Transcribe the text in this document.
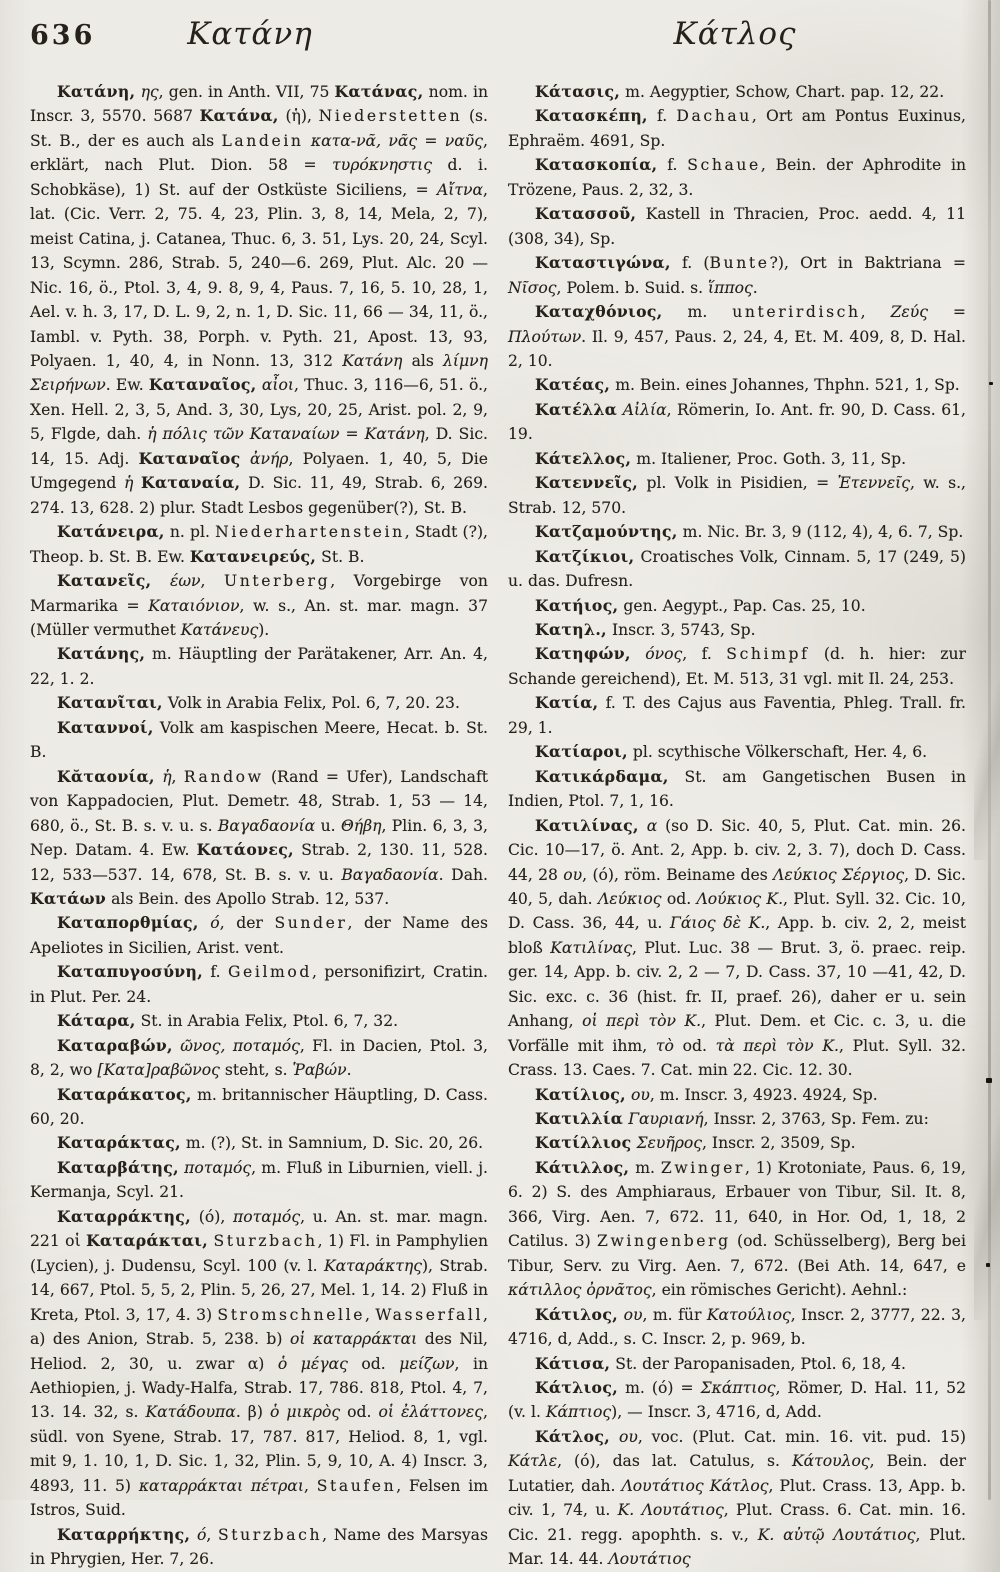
636	Κατάνη	Κάτλος

Κατάνη, ης, gen. in Anth. VII, 75 Κατάνας, nom. in Inscr. 3, 5570. 5687 Κατάνα, (ἡ), Niederstetten (s. St. B., der es auch als Landein κατα-νᾶ, νᾶς = ναῦς, erklärt, nach Plut. Dion. 58 = τυρόκνηστις d. i. Schobkäse), 1) St. auf der Ostküste Siciliens, = Αἴτνα, lat. (Cic. Verr. 2, 75. 4, 23, Plin. 3, 8, 14, Mela, 2, 7), meist Catina, j. Catanea, Thuc. 6, 3. 51, Lys. 20, 24, Scyl. 13, Scymn. 286, Strab. 5, 240—6. 269, Plut. Alc. 20 — Nic. 16, ö., Ptol. 3, 4, 9. 8, 9, 4, Paus. 7, 16, 5. 10, 28, 1, Ael. v. h. 3, 17, D. L. 9, 2, n. 1, D. Sic. 11, 66 — 34, 11, ö., Iambl. v. Pyth. 38, Porph. v. Pyth. 21, Apost. 13, 93, Polyaen. 1, 40, 4, in Nonn. 13, 312 Κατάνη als λίμνη Σειρήνων. Ew. Καταναῖος, αἶοι, Thuc. 3, 116—6, 51. ö., Xen. Hell. 2, 3, 5, And. 3, 30, Lys, 20, 25, Arist. pol. 2, 9, 5, Flgde, dah. ἡ πόλις τῶν Καταναίων = Κατάνη, D. Sic. 14, 15. Adj. Καταναῖος ἀνήρ, Polyaen. 1, 40, 5, Die Umgegend ἡ Καταναία, D. Sic. 11, 49, Strab. 6, 269. 274. 13, 628. 2) plur. Stadt Lesbos gegenüber(?), St. B.

Κατάνειρα, n. pl. Niederhartenstein, Stadt (?), Theop. b. St. B. Ew. Κατανειρεύς, St. B.

Κατανεῖς, έων, Unterberg, Vorgebirge von Marmarika = Καταιόνιον, w. s., An. st. mar. magn. 37 (Müller vermuthet Κατάνευς).

Κατάνης, m. Häuptling der Parätakener, Arr. An. 4, 22, 1. 2.

Κατανῖται, Volk in Arabia Felix, Pol. 6, 7, 20. 23.

Καταννοί, Volk am kaspischen Meere, Hecat. b. St. B.

Κᾰταονία, ἡ, Randow (Rand = Ufer), Landschaft von Kappadocien, Plut. Demetr. 48, Strab. 1, 53 — 14, 680, ö., St. B. s. v. u. s. Βαγαδαονία u. Θήβη, Plin. 6, 3, 3, Nep. Datam. 4. Ew. Κατάονες, Strab. 2, 130. 11, 528. 12, 533—537. 14, 678, St. B. s. v. u. Βαγαδαονία. Dah. Κατάων als Bein. des Apollo Strab. 12, 537.

Καταπορθμίας, ό, der Sunder, der Name des Apeliotes in Sicilien, Arist. vent.

Καταπυγοσύνη, f. Geilmod, personifizirt, Cratin. in Plut. Per. 24.

Κάταρα, St. in Arabia Felix, Ptol. 6, 7, 32.

Καταραβών, ῶνος, ποταμός, Fl. in Dacien, Ptol. 3, 8, 2, wo [Κατα]ραβῶνος steht, s. Ῥαβών.

Καταράκατος, m. britannischer Häuptling, D. Cass. 60, 20.

Καταράκτας, m. (?), St. in Samnium, D. Sic. 20, 26.

Καταρβάτης, ποταμός, m. Fluß in Liburnien, viell. j. Kermanja, Scyl. 21.

Καταρράκτης, (ό), ποταμός, u. An. st. mar. magn. 221 οἱ Καταράκται, Sturzbach, 1) Fl. in Pamphylien (Lycien), j. Dudensu, Scyl. 100 (v. l. Καταράκτης), Strab. 14, 667, Ptol. 5, 5, 2, Plin. 5, 26, 27, Mel. 1, 14. 2) Fluß in Kreta, Ptol. 3, 17, 4. 3) Stromschnelle, Wasserfall, a) des Anion, Strab. 5, 238. b) οἱ καταρράκται des Nil, Heliod. 2, 30, u. zwar α) ὁ μέγας od. μείζων, in Aethiopien, j. Wady-Halfa, Strab. 17, 786. 818, Ptol. 4, 7, 13. 14. 32, s. Κατάδουπα. β) ὁ μικρὸς od. οἱ ἐλάττονες, südl. von Syene, Strab. 17, 787. 817, Heliod. 8, 1, vgl. mit 9, 1. 10, 1, D. Sic. 1, 32, Plin. 5, 9, 10, A. 4) Inscr. 3, 4893, 11. 5) καταρράκται πέτραι, Staufen, Felsen im Istros, Suid.

Καταρρήκτης, ό, Sturzbach, Name des Marsyas in Phrygien, Her. 7, 26.

Κάτασις, m. Aegyptier, Schow, Chart. pap. 12, 22.

Κατασκέπη, f. Dachau, Ort am Pontus Euxinus, Ephraëm. 4691, Sp.

Κατασκοπία, f. Schaue, Bein. der Aphrodite in Trözene, Paus. 2, 32, 3.

Κατασσοῦ, Kastell in Thracien, Proc. aedd. 4, 11 (308, 34), Sp.

Καταστιγώνα, f. (Bunte?), Ort in Baktriana = Νῖσος, Polem. b. Suid. s. ἵππος.

Καταχθόνιος, m. unterirdisch, Ζεύς = Πλούτων. Il. 9, 457, Paus. 2, 24, 4, Et. M. 409, 8, D. Hal. 2, 10.

Κατέας, m. Bein. eines Johannes, Thphn. 521, 1, Sp.

Κατέλλα Αἰλία, Römerin, Io. Ant. fr. 90, D. Cass. 61, 19.

Κάτελλος, m. Italiener, Proc. Goth. 3, 11, Sp.

Κατεννεῖς, pl. Volk in Pisidien, = Ἐτεννεῖς, w. s., Strab. 12, 570.

Κατζαμούντης, m. Nic. Br. 3, 9 (112, 4), 4, 6. 7, Sp.

Κατζίκιοι, Croatisches Volk, Cinnam. 5, 17 (249, 5) u. das. Dufresn.

Κατήιος, gen. Aegypt., Pap. Cas. 25, 10.

Κατηλ., Inscr. 3, 5743, Sp.

Κατηφών, όνος, f. Schimpf (d. h. hier: zur Schande gereichend), Et. M. 513, 31 vgl. mit Il. 24, 253.

Κατία, f. T. des Cajus aus Faventia, Phleg. Trall. fr. 29, 1.

Κατίαροι, pl. scythische Völkerschaft, Her. 4, 6.

Κατικάρδαμα, St. am Gangetischen Busen in Indien, Ptol. 7, 1, 16.

Κατιλίνας, α (so D. Sic. 40, 5, Plut. Cat. min. 26. Cic. 10—17, ö. Ant. 2, App. b. civ. 2, 3. 7), doch D. Cass. 44, 28 ου, (ό), röm. Beiname des Λεύκιος Σέργιος, D. Sic. 40, 5, dah. Λεύκιος od. Λούκιος Κ., Plut. Syll. 32. Cic. 10, D. Cass. 36, 44, u. Γάιος δὲ Κ., App. b. civ. 2, 2, meist bloß Κατιλίνας, Plut. Luc. 38 — Brut. 3, ö. praec. reip. ger. 14, App. b. civ. 2, 2 — 7, D. Cass. 37, 10 —41, 42, D. Sic. exc. c. 36 (hist. fr. II, praef. 26), daher er u. sein Anhang, οἱ περὶ τὸν Κ., Plut. Dem. et Cic. c. 3, u. die Vorfälle mit ihm, τὸ od. τὰ περὶ τὸν Κ., Plut. Syll. 32. Crass. 13. Caes. 7. Cat. min 22. Cic. 12. 30.

Κατίλιος, ου, m. Inscr. 3, 4923. 4924, Sp.

Κατιλλία Γαυριανή, Inssr. 2, 3763, Sp. Fem. zu:

Κατίλλιος Σευῆρος, Inscr. 2, 3509, Sp.

Κάτιλλος, m. Zwinger, 1) Krotoniate, Paus. 6, 19, 6. 2) S. des Amphiaraus, Erbauer von Tibur, Sil. It. 8, 366, Virg. Aen. 7, 672. 11, 640, in Hor. Od, 1, 18, 2 Catilus. 3) Zwingenberg (od. Schüsselberg), Berg bei Tibur, Serv. zu Virg. Aen. 7, 672. (Bei Ath. 14, 647, e κάτιλλος ὀρνᾶτος, ein römisches Gericht). Aehnl.:

Κάτιλος, ου, m. für Κατούλιος, Inscr. 2, 3777, 22. 3, 4716, d, Add., s. C. Inscr. 2, p. 969, b.

Κάτισα, St. der Paropanisaden, Ptol. 6, 18, 4.

Κάτλιος, m. (ό) = Σκάπτιος, Römer, D. Hal. 11, 52 (v. l. Κάπτιος), — Inscr. 3, 4716, d, Add.

Κάτλος, ου, voc. (Plut. Cat. min. 16. vit. pud. 15) Κάτλε, (ό), das lat. Catulus, s. Κάτουλος, Bein. der Lutatier, dah. Λουτάτιος Κάτλος, Plut. Crass. 13, App. b. civ. 1, 74, u. Κ. Λουτάτιος, Plut. Crass. 6. Cat. min. 16. Cic. 21. regg. apophth. s. v., Κ. αὐτῷ Λουτάτιος, Plut. Mar. 14. 44. Λουτάτιος
